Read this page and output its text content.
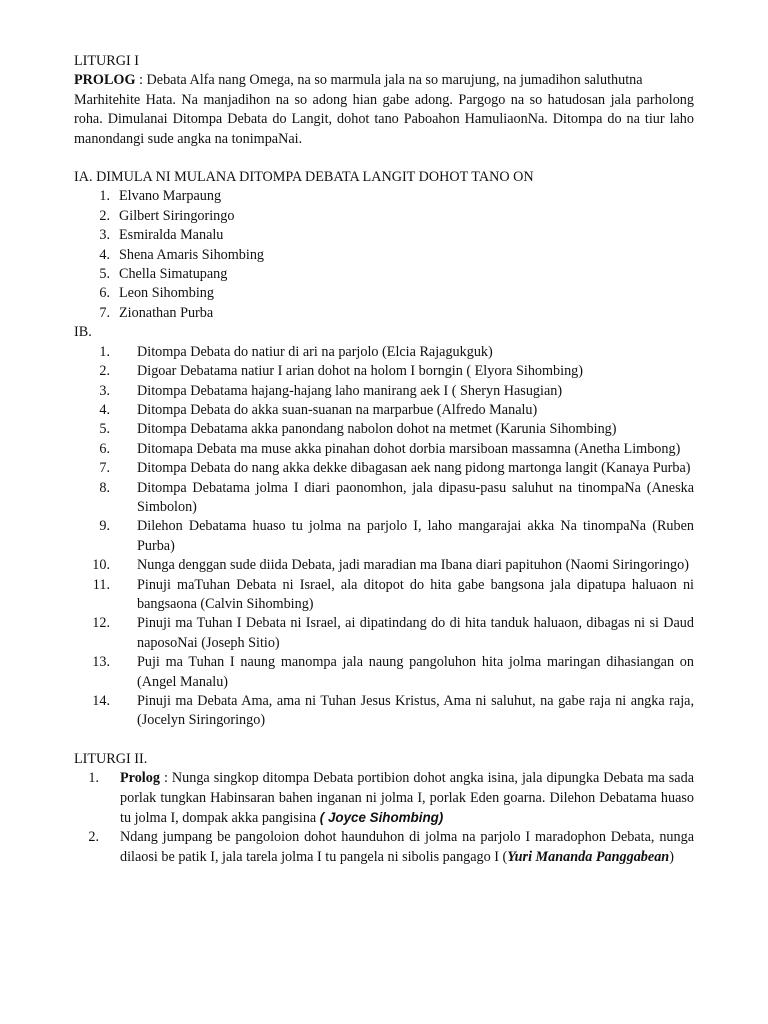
LITURGI I

PROLOG : Debata Alfa nang Omega, na so marmula jala na so marujung, na jumadihon saluthutna

Marhitehite Hata. Na manjadihon na so adong hian gabe adong. Pargogo na so hatudosan jala parholong roha. Dimulanai Ditompa Debata do Langit, dohot tano Paboahon HamuliaonNa. Ditompa do na tiur laho manondangi sude angka na tonimpaNai.

IA. DIMULA NI MULANA DITOMPA DEBATA LANGIT DOHOT TANO ON

1. Elvano Marpaung
2. Gilbert Siringoringo
3. Esmiralda Manalu
4. Shena Amaris Sihombing
5. Chella Simatupang
6. Leon Sihombing
7. Zionathan Purba

IB.

1.	Ditompa Debata do natiur di ari na parjolo (Elcia Rajagukguk)
2.	Digoar Debatama natiur I arian dohot na holom I borngin ( Elyora Sihombing)
3.	Ditompa Debatama hajang-hajang laho manirang aek I ( Sheryn Hasugian)
4.	Ditompa Debata do akka suan-suanan na marparbue (Alfredo Manalu)
5.	Ditompa Debatama akka panondang nabolon dohot na metmet (Karunia Sihombing)
6.	Ditomapa Debata ma muse akka pinahan dohot dorbia marsiboan massamna (Anetha Limbong)
7.	Ditompa Debata do nang akka dekke dibagasan aek nang pidong martonga langit (Kanaya Purba)
8.	Ditompa Debatama jolma I diari paonomhon, jala dipasu-pasu saluhut na tinompaNa (Aneska Simbolon)
9.	Dilehon Debatama huaso tu jolma na parjolo I, laho mangarajai akka Na tinompaNa (Ruben Purba)
10.	Nunga denggan sude diida Debata, jadi maradian ma Ibana diari papituhon (Naomi Siringoringo)
11.	Pinuji maTuhan Debata ni Israel, ala ditopot do hita gabe bangsona jala dipatupa haluaon ni bangsaona (Calvin Sihombing)
12.	Pinuji ma Tuhan I Debata ni Israel, ai dipatindang do di hita tanduk haluaon, dibagas ni si Daud naposoNai (Joseph Sitio)
13.	Puji ma Tuhan I naung manompa jala naung pangoluhon hita jolma maringan dihasiangan on (Angel Manalu)
14.	Pinuji ma Debata Ama, ama ni Tuhan Jesus Kristus, Ama ni saluhut, na gabe raja ni angka raja, (Jocelyn Siringoringo)

LITURGI II.

1.	Prolog : Nunga singkop ditompa Debata portibion dohot angka isina, jala dipungka Debata ma sada porlak tungkan Habinsaran bahen inganan ni jolma I, porlak Eden goarna. Dilehon Debatama huaso tu jolma I, dompak akka pangisina ( Joyce Sihombing)
2.	Ndang jumpang be pangoloion dohot haunduhon di jolma na parjolo I maradophon Debata, nunga dilaosi be patik I, jala tarela jolma I tu pangela ni sibolis pangago I (Yuri Mananda Panggabean)
